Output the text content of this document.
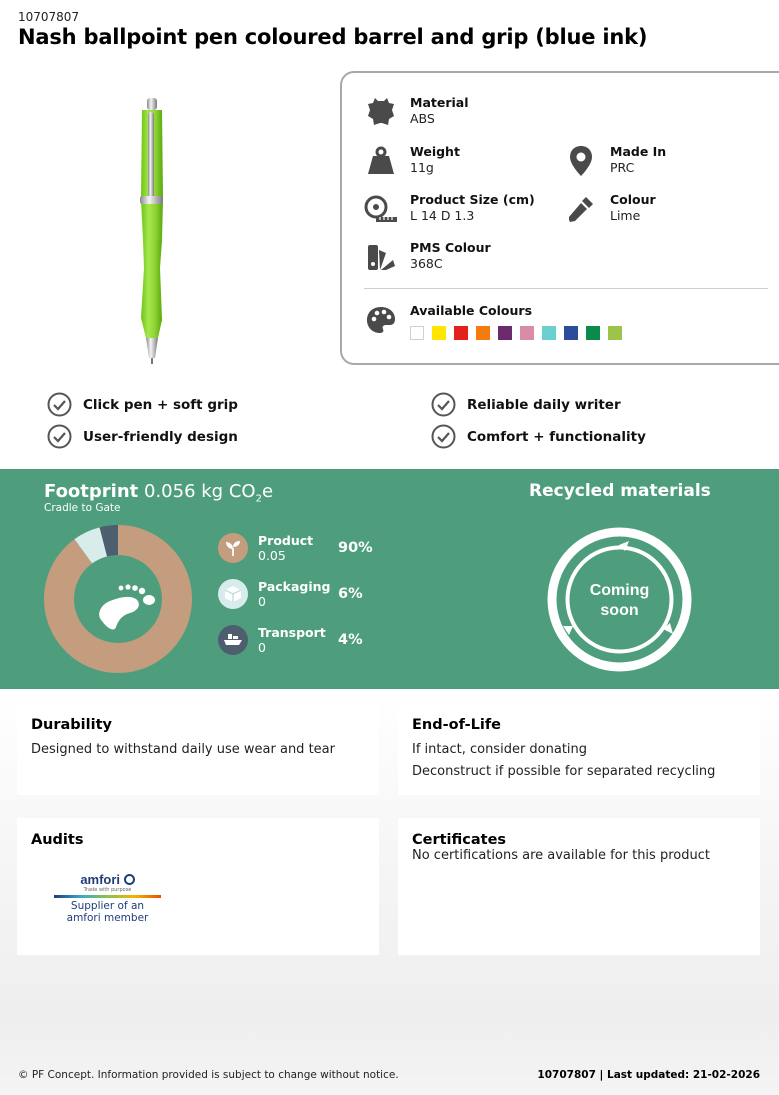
10707807
Nash ballpoint pen coloured barrel and grip (blue ink)
Material
ABS
Weight
11g
Made In
PRC
Product Size (cm)
L 14 D 1.3
Colour
Lime
PMS Colour
368C
Available Colours
Click pen + soft grip
User-friendly design
Reliable daily writer
Comfort + functionality
Footprint 0.056 kg $CO_2e$
Cradle to Gate
Product
0.05	90%
Packaging
0	6%
Transport
0	4%
Recycled materials
Coming
soon
Durability

Designed to withstand daily use wear and tear

End-of-Life

If intact, consider donating

Deconstruct if possible for separated recycling

Audits
amfori
Trade with purpose
Supplier of an
amfori member
Certificates

No certifications are available for this product

© PF Concept. Information provided is subject to change without notice.	10707807 | Last updated: 21-02-2026
